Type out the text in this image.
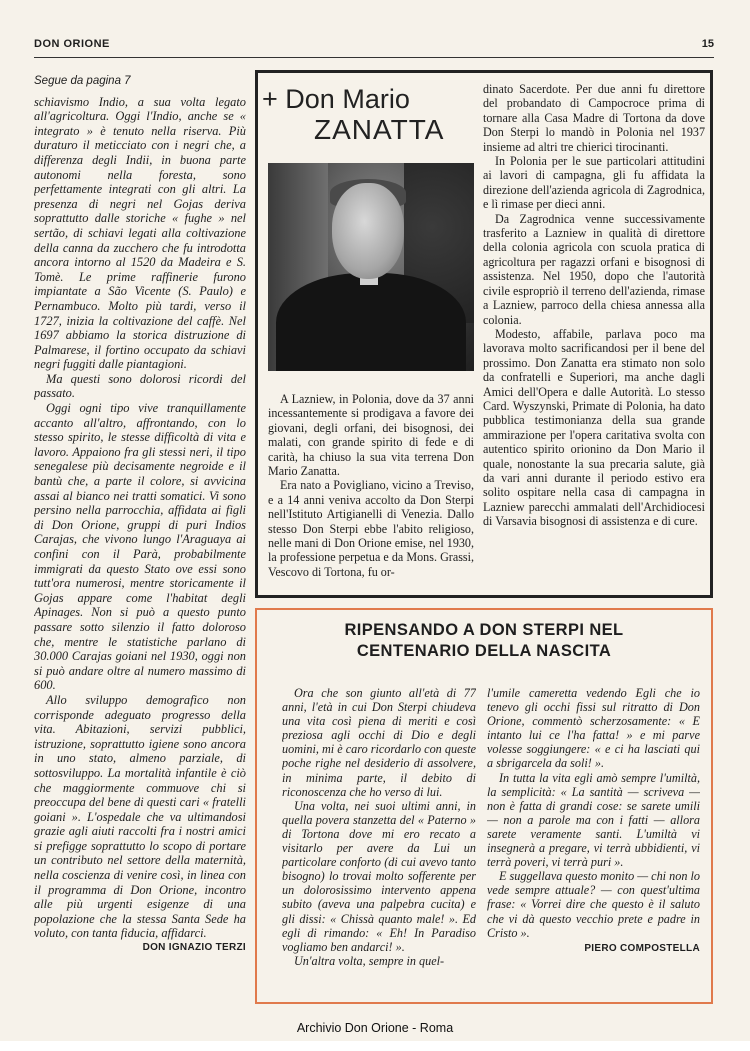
DON ORIONE	15

Segue da pagina 7

schiavismo Indio, a sua volta legato all'agricoltura. Oggi l'Indio, anche se « integrato » è tenuto nella riserva. Più duraturo il meticciato con i negri che, a differenza degli Indii, in buona parte autonomi nella foresta, sono perfettamente integrati con gli altri. La presenza di negri nel Gojas deriva soprattutto dalle storiche « fughe » nel sertão, di schiavi legati alla coltivazione della canna da zucchero che fu introdotta ancora intorno al 1520 da Madeira e S. Tomè. Le prime raffinerie furono impiantate a São Vicente (S. Paulo) e Pernambuco. Molto più tardi, verso il 1727, inizia la coltivazione del caffè. Nel 1697 abbiamo la storica distruzione di Palmarese, il fortino occupato da schiavi negri fuggiti dalle piantagioni.

Ma questi sono dolorosi ricordi del passato.

Oggi ogni tipo vive tranquillamente accanto all'altro, affrontando, con lo stesso spirito, le stesse difficoltà di vita e lavoro. Appaiono fra gli stessi neri, il tipo senegalese più decisamente negroide e il bantù che, a parte il colore, si avvicina assai al bianco nei tratti somatici. Vi sono persino nella parrocchia, affidata ai figli di Don Orione, gruppi di puri Indios Carajas, che vivono lungo l'Araguaya ai confini con il Parà, probabilmente immigrati da questo Stato ove essi sono tutt'ora numerosi, mentre storicamente il Gojas appare come l'habitat degli Apinages. Non si può a questo punto passare sotto silenzio il fatto doloroso che, mentre le statistiche parlano di 30.000 Carajas goiani nel 1930, oggi non si può andare oltre al numero massimo di 600.

Allo sviluppo demografico non corrisponde adeguato progresso della vita. Abitazioni, servizi pubblici, istruzione, soprattutto igiene sono ancora in uno stato, almeno parziale, di sottosviluppo. La mortalità infantile è ciò che maggiormente commuove chi si preoccupa del bene di questi cari « fratelli goiani ». L'ospedale che va ultimandosi grazie agli aiuti raccolti fra i nostri amici si prefigge soprattutto lo scopo di portare un contributo nel settore della maternità, nella coscienza di venire così, in linea con il programma di Don Orione, incontro alle più urgenti esigenze di una popolazione che la stessa Santa Sede ha voluto, con tanta fiducia, affidarci.

DON IGNAZIO TERZI

+ Don Mario
ZANATTA

A Lazniew, in Polonia, dove da 37 anni incessantemente si prodigava a favore dei giovani, degli orfani, dei bisognosi, dei malati, con grande spirito di fede e di carità, ha chiuso la sua vita terrena Don Mario Zanatta.

Era nato a Povigliano, vicino a Treviso, e a 14 anni veniva accolto da Don Sterpi nell'Istituto Artigianelli di Venezia. Dallo stesso Don Sterpi ebbe l'abito religioso, nelle mani di Don Orione emise, nel 1930, la professione perpetua e da Mons. Grassi, Vescovo di Tortona, fu or-

dinato Sacerdote. Per due anni fu direttore del probandato di Campocroce prima di tornare alla Casa Madre di Tortona da dove Don Sterpi lo mandò in Polonia nel 1937 insieme ad altri tre chierici tirocinanti.

In Polonia per le sue particolari attitudini ai lavori di campagna, gli fu affidata la direzione dell'azienda agricola di Zagrodnica, e lì rimase per dieci anni.

Da Zagrodnica venne successivamente trasferito a Lazniew in qualità di direttore della colonia agricola con scuola pratica di agricoltura per ragazzi orfani e bisognosi di assistenza. Nel 1950, dopo che l'autorità civile espropriò il terreno dell'azienda, rimase a Lazniew, parroco della chiesa annessa alla colonia.

Modesto, affabile, parlava poco ma lavorava molto sacrificandosi per il bene del prossimo. Don Zanatta era stimato non solo da confratelli e Superiori, ma anche dagli Amici dell'Opera e dalle Autorità. Lo stesso Card. Wyszynski, Primate di Polonia, ha dato pubblica testimonianza della sua grande ammirazione per l'opera caritativa svolta con autentico spirito orionino da Don Mario il quale, nonostante la sua precaria salute, già da vari anni durante il periodo estivo era solito ospitare nella casa di campagna in Lazniew parecchi ammalati dell'Archidiocesi di Varsavia bisognosi di assistenza e di cure.

RIPENSANDO A DON STERPI NEL
CENTENARIO DELLA NASCITA

Ora che son giunto all'età di 77 anni, l'età in cui Don Sterpi chiudeva una vita così piena di meriti e così preziosa agli occhi di Dio e degli uomini, mi è caro ricordarlo con queste poche righe nel desiderio di assolvere, in minima parte, il debito di riconoscenza che ho verso di lui.

Una volta, nei suoi ultimi anni, in quella povera stanzetta del « Paterno » di Tortona dove mi ero recato a visitarlo per avere da Lui un particolare conforto (di cui avevo tanto bisogno) lo trovai molto sofferente per un dolorosissimo intervento appena subito (aveva una palpebra cucita) e gli dissi: « Chissà quanto male! ». Ed egli di rimando: « Eh! In Paradiso vogliamo ben andarci! ».

Un'altra volta, sempre in quel-

l'umile cameretta vedendo Egli che io tenevo gli occhi fissi sul ritratto di Don Orione, commentò scherzosamente: « E intanto lui ce l'ha fatta! » e mi parve volesse soggiungere: « e ci ha lasciati qui a sbrigarcela da soli! ».

In tutta la vita egli amò sempre l'umiltà, la semplicità: « La santità — scriveva — non è fatta di grandi cose: se sarete umili — non a parole ma con i fatti — allora sarete veramente santi. L'umiltà vi insegnerà a pregare, vi terrà ubbidienti, vi terrà poveri, vi terrà puri ».

E suggellava questo monito — chi non lo vede sempre attuale? — con quest'ultima frase: « Vorrei dire che questo è il saluto che vi dà questo vecchio prete e padre in Cristo ».

PIERO COMPOSTELLA

Archivio Don Orione - Roma
